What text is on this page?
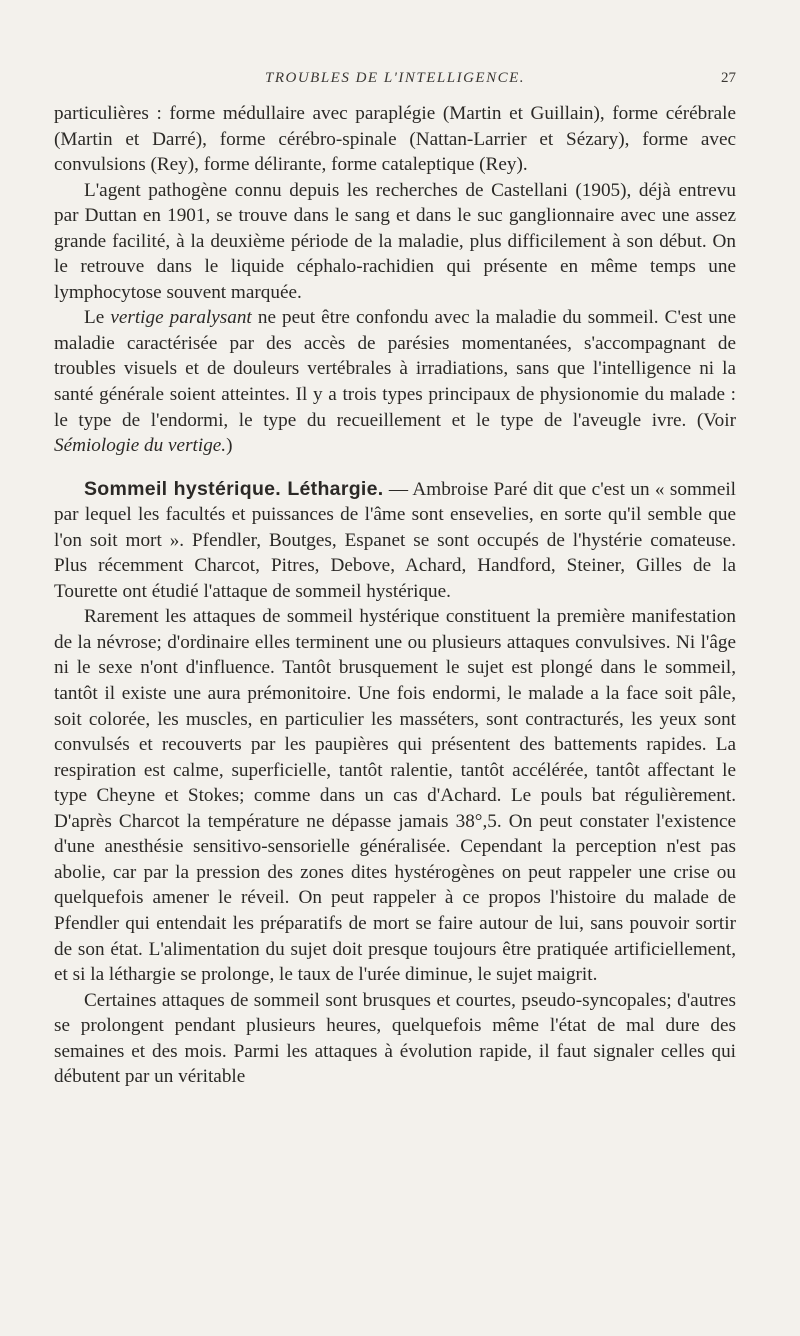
TROUBLES DE L'INTELLIGENCE.	27

particulières : forme médullaire avec paraplégie (Martin et Guillain), forme cérébrale (Martin et Darré), forme cérébro-spinale (Nattan-Larrier et Sézary), forme avec convulsions (Rey), forme délirante, forme cataleptique (Rey).

L'agent pathogène connu depuis les recherches de Castellani (1905), déjà entrevu par Duttan en 1901, se trouve dans le sang et dans le suc ganglionnaire avec une assez grande facilité, à la deuxième période de la maladie, plus difficilement à son début. On le retrouve dans le liquide céphalo-rachidien qui présente en même temps une lymphocytose souvent marquée.

Le vertige paralysant ne peut être confondu avec la maladie du sommeil. C'est une maladie caractérisée par des accès de parésies momentanées, s'accompagnant de troubles visuels et de douleurs vertébrales à irradiations, sans que l'intelligence ni la santé générale soient atteintes. Il y a trois types principaux de physionomie du malade : le type de l'endormi, le type du recueillement et le type de l'aveugle ivre. (Voir Sémiologie du vertige.)

Sommeil hystérique. Léthargie. — Ambroise Paré dit que c'est un « sommeil par lequel les facultés et puissances de l'âme sont ensevelies, en sorte qu'il semble que l'on soit mort ». Pfendler, Boutges, Espanet se sont occupés de l'hystérie comateuse. Plus récemment Charcot, Pitres, Debove, Achard, Handford, Steiner, Gilles de la Tourette ont étudié l'attaque de sommeil hystérique.

Rarement les attaques de sommeil hystérique constituent la première manifestation de la névrose; d'ordinaire elles terminent une ou plusieurs attaques convulsives. Ni l'âge ni le sexe n'ont d'influence. Tantôt brusquement le sujet est plongé dans le sommeil, tantôt il existe une aura prémonitoire. Une fois endormi, le malade a la face soit pâle, soit colorée, les muscles, en particulier les masséters, sont contracturés, les yeux sont convulsés et recouverts par les paupières qui présentent des battements rapides. La respiration est calme, superficielle, tantôt ralentie, tantôt accélérée, tantôt affectant le type Cheyne et Stokes; comme dans un cas d'Achard. Le pouls bat régulièrement. D'après Charcot la température ne dépasse jamais 38°,5. On peut constater l'existence d'une anesthésie sensitivo-sensorielle généralisée. Cependant la perception n'est pas abolie, car par la pression des zones dites hystérogènes on peut rappeler une crise ou quelquefois amener le réveil. On peut rappeler à ce propos l'histoire du malade de Pfendler qui entendait les préparatifs de mort se faire autour de lui, sans pouvoir sortir de son état. L'alimentation du sujet doit presque toujours être pratiquée artificiellement, et si la léthargie se prolonge, le taux de l'urée diminue, le sujet maigrit.

Certaines attaques de sommeil sont brusques et courtes, pseudo-syncopales; d'autres se prolongent pendant plusieurs heures, quelquefois même l'état de mal dure des semaines et des mois. Parmi les attaques à évolution rapide, il faut signaler celles qui débutent par un véritable
